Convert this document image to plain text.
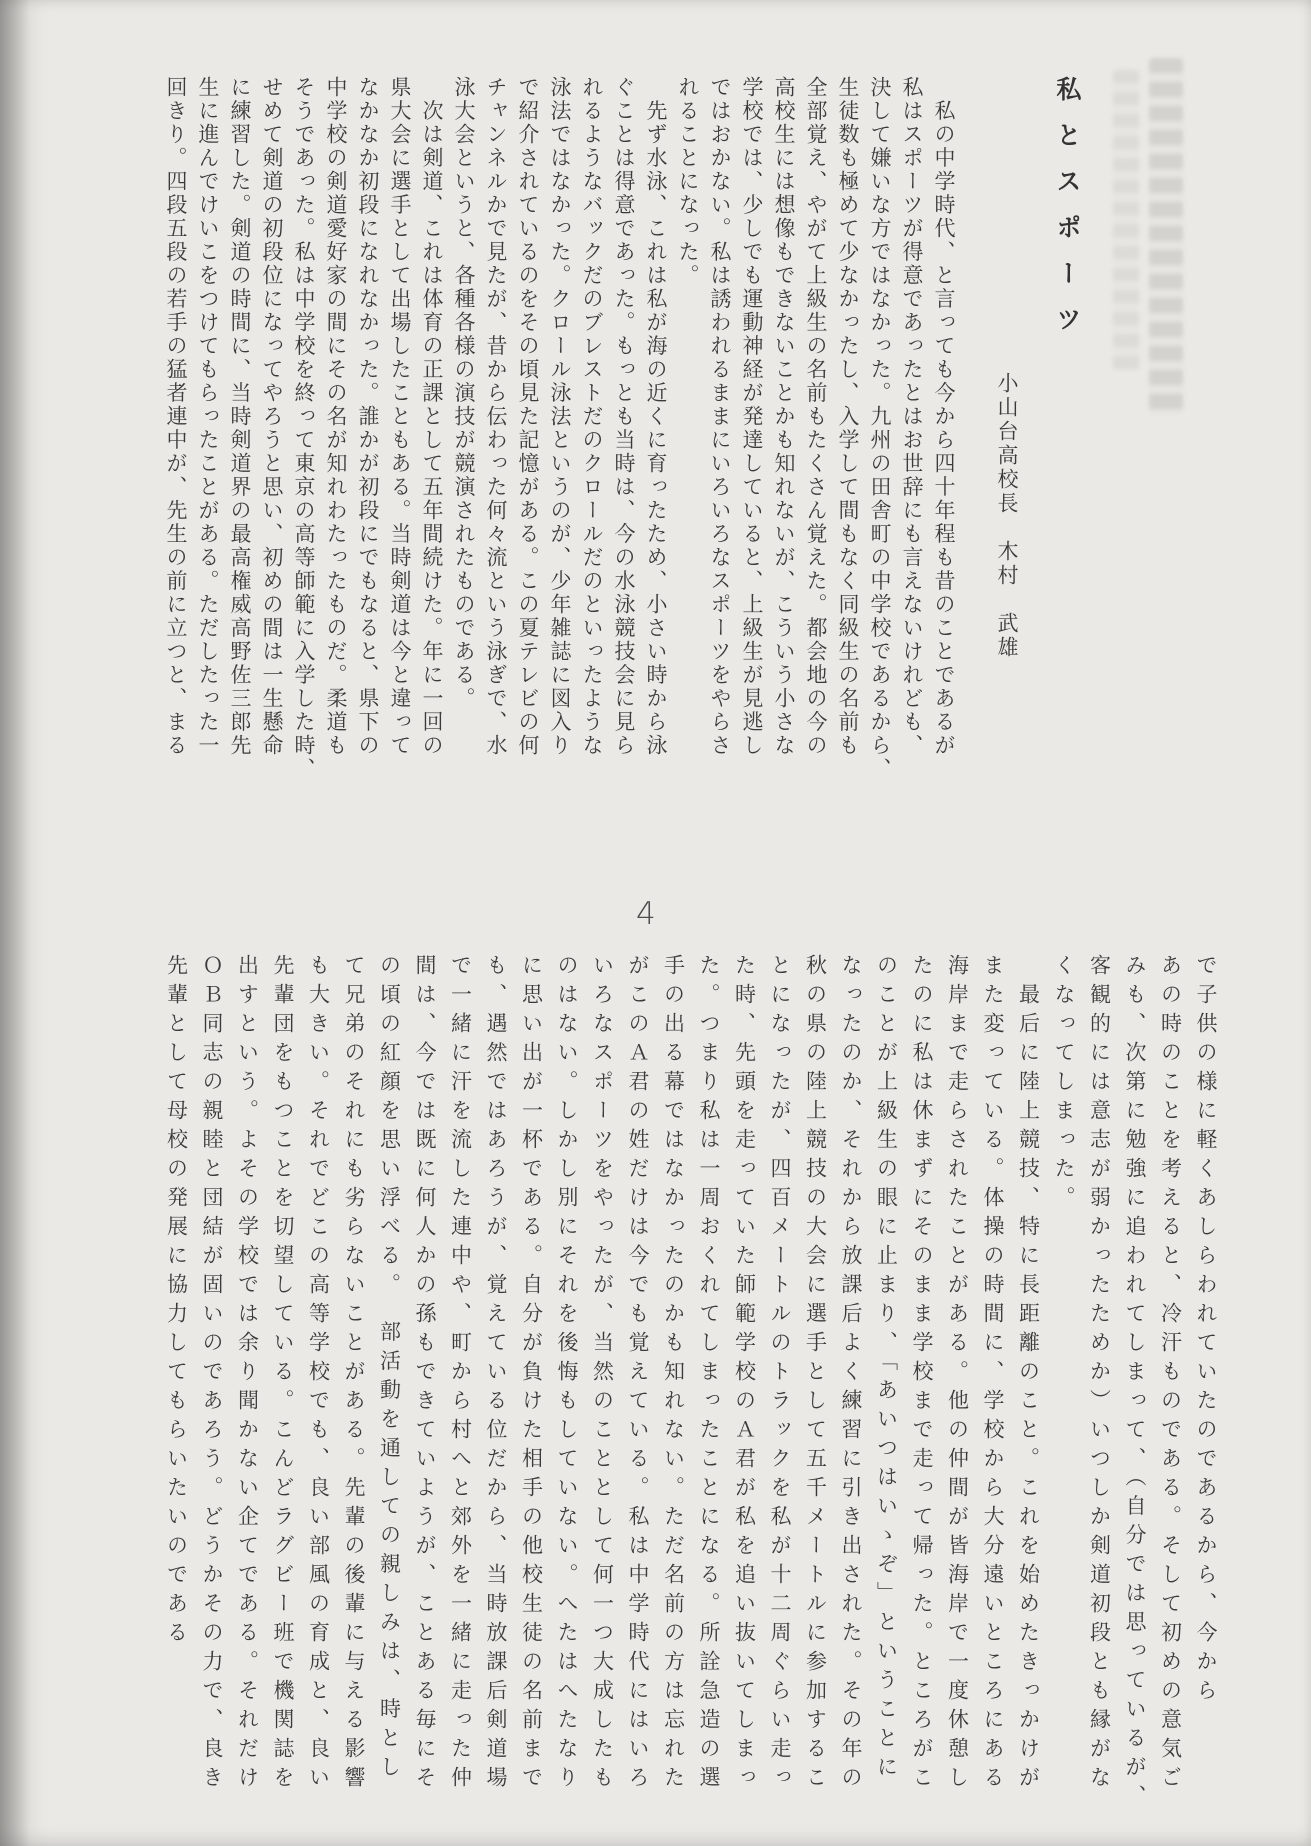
私とスポーツ
小山台高校長　木村　武雄
　私の中学時代、と言っても今から四十年程も昔のことであるが
私はスポーツが得意であったとはお世辞にも言えないけれども、
決して嫌いな方ではなかった。九州の田舎町の中学校であるから、
生徒数も極めて少なかったし、入学して間もなく同級生の名前も
全部覚え、やがて上級生の名前もたくさん覚えた。都会地の今の
高校生には想像もできないことかも知れないが、こういう小さな
学校では、少しでも運動神経が発達していると、上級生が見逃し
ではおかない。私は誘われるままにいろいろなスポーツをやらさ
れることになった。
　先ず水泳、これは私が海の近くに育ったため、小さい時から泳
ぐことは得意であった。もっとも当時は、今の水泳競技会に見ら
れるようなバックだのブレストだのクロールだのといったような
泳法ではなかった。クロール泳法というのが、少年雑誌に図入り
で紹介されているのをその頃見た記憶がある。この夏テレビの何
チャンネルかで見たが、昔から伝わった何々流という泳ぎで、水
泳大会というと、各種各様の演技が競演されたものである。
　次は剣道、これは体育の正課として五年間続けた。年に一回の
県大会に選手として出場したこともある。当時剣道は今と違って
なかなか初段になれなかった。誰かが初段にでもなると、県下の
中学校の剣道愛好家の間にその名が知れわたったものだ。柔道も
そうであった。私は中学校を終って東京の高等師範に入学した時、
せめて剣道の初段位になってやろうと思い、初めの間は一生懸命
に練習した。剣道の時間に、当時剣道界の最高権威高野佐三郎先
生に進んでけいこをつけてもらったことがある。ただしたった一
回きり。四段五段の若手の猛者連中が、先生の前に立つと、まる
4
で子供の様に軽くあしらわれていたのであるから、今から
あの時のことを考えると、冷汗ものである。そして初めの意気ご
みも、次第に勉強に追われてしまって、（自分では思っているが、
客観的には意志が弱かったためか）いつしか剣道初段とも縁がな
くなってしまった。
　最后に陸上競技、特に長距離のこと。これを始めたきっかけが
また変っている。体操の時間に、学校から大分遠いところにある
海岸まで走らされたことがある。他の仲間が皆海岸で一度休憩し
たのに私は休まずにそのまま学校まで走って帰った。ところがこ
のことが上級生の眼に止まり、「あいつはいゝぞ」ということに
なったのか、それから放課后よく練習に引き出された。その年の
秋の県の陸上競技の大会に選手として五千メートルに参加するこ
とになったが、四百メートルのトラックを私が十二周ぐらい走っ
た時、先頭を走っていた師範学校のＡ君が私を追い抜いてしまっ
た。つまり私は一周おくれてしまったことになる。所詮急造の選
手の出る幕ではなかったのかも知れない。ただ名前の方は忘れた
がこのＡ君の姓だけは今でも覚えている。私は中学時代にはいろ
いろなスポーツをやったが、当然のこととして何一つ大成したも
のはない。しかし別にそれを後悔もしていない。へたはへたなり
に思い出が一杯である。自分が負けた相手の他校生徒の名前まで
も、遇然ではあろうが、覚えている位だから、当時放課后剣道場
で一緒に汗を流した連中や、町から村へと郊外を一緒に走った仲
間は、今では既に何人かの孫もできていようが、ことある毎にそ
の頃の紅顔を思い浮べる。　部活動を通しての親しみは、時とし
て兄弟のそれにも劣らないことがある。先輩の後輩に与える影響
も大きい。それでどこの高等学校でも、良い部風の育成と、良い
先輩団をもつことを切望している。こんどラグビー班で機関誌を
出すという。よその学校では余り聞かない企てである。それだけ
ＯＢ同志の親睦と団結が固いのであろう。どうかその力で、良き
先輩として母校の発展に協力してもらいたいのである
